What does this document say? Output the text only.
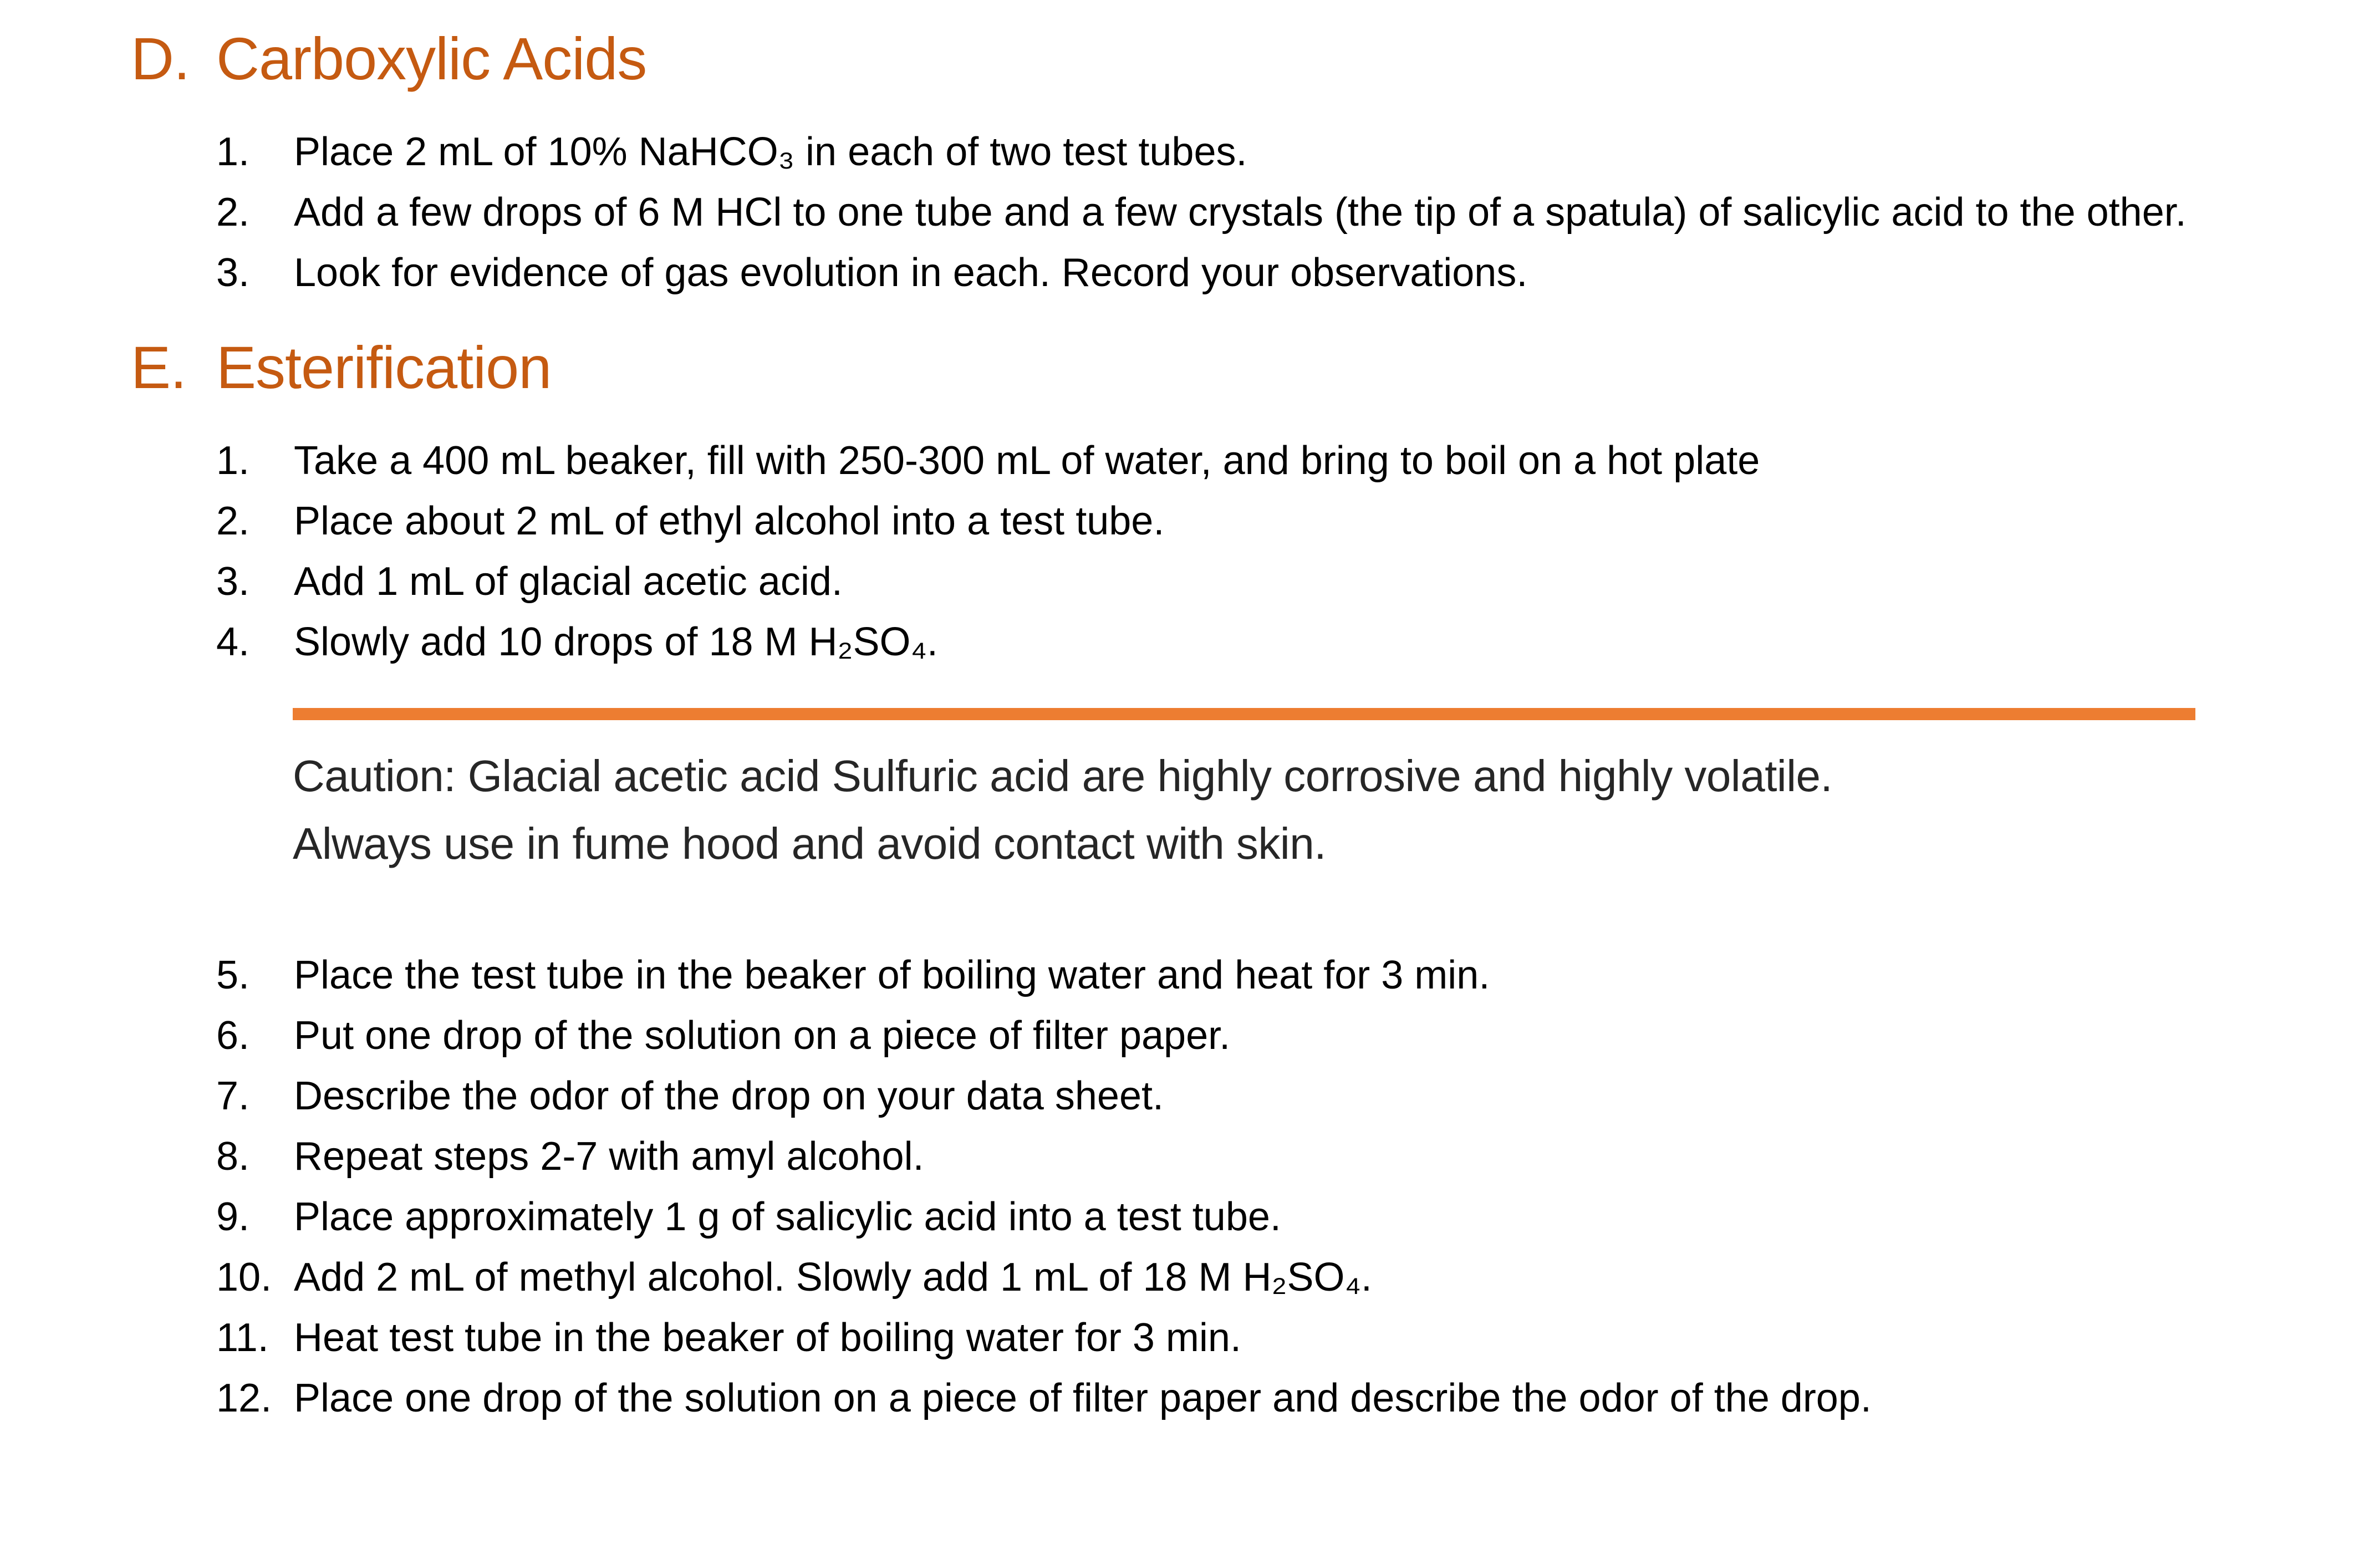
D. Carboxylic Acids
1.	Place 2 mL of 10% NaHCO₃ in each of two test tubes.
2.	Add a few drops of 6 M HCl to one tube and a few crystals (the tip of a spatula) of salicylic acid to the other.
3.	Look for evidence of gas evolution in each. Record your observations.
E. Esterification
1.	Take a 400 mL beaker, fill with 250-300 mL of water, and bring to boil on a hot plate
2.	Place about 2 mL of ethyl alcohol into a test tube.
3.	Add 1 mL of glacial acetic acid.
4.	Slowly add 10 drops of 18 M H₂SO₄.

Caution: Glacial acetic acid Sulfuric acid are highly corrosive and highly volatile.

Always use in fume hood and avoid contact with skin.

5.	Place the test tube in the beaker of boiling water and heat for 3 min.
6.	Put one drop of the solution on a piece of filter paper.
7.	Describe the odor of the drop on your data sheet.
8.	Repeat steps 2-7 with amyl alcohol.
9.	Place approximately 1 g of salicylic acid into a test tube.
10. Add 2 mL of methyl alcohol. Slowly add 1 mL of 18 M H₂SO₄.
11. Heat test tube in the beaker of boiling water for 3 min.
12. Place one drop of the solution on a piece of filter paper and describe the odor of the drop.
